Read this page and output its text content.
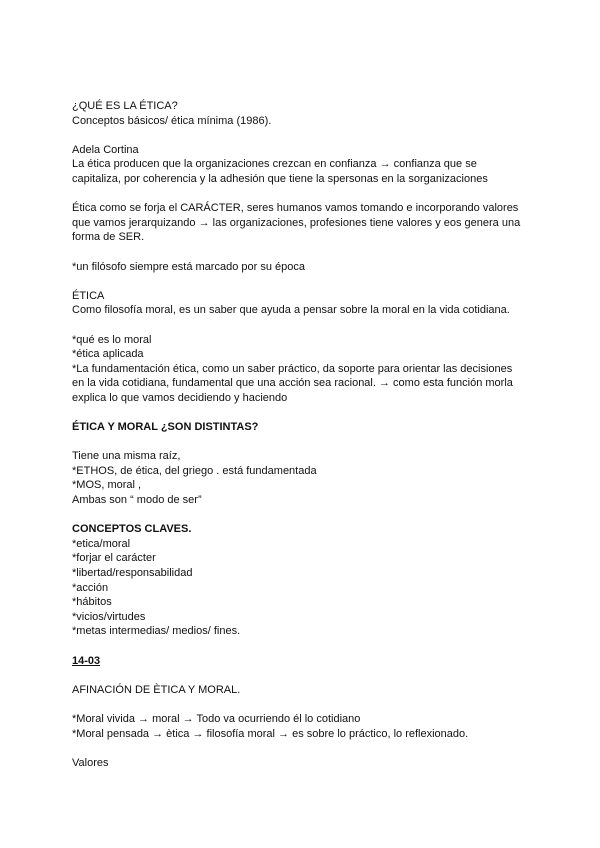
¿QUÉ ES LA ÉTICA?

Conceptos básicos/ ética mínima (1986).

Adela Cortina

La ética producen que la organizaciones crezcan en confianza → confianza que se

capitaliza, por coherencia y la adhesión que tiene la spersonas en la sorganizaciones

Ética como se forja el CARÁCTER, seres humanos vamos tomando e incorporando valores

que vamos jerarquizando → las organizaciones, profesiones tiene valores y eos genera una

forma de SER.

*un filósofo siempre está marcado por su época

ÉTICA

Como filosofía moral, es un saber que ayuda a pensar sobre la moral en la vida cotidiana.

*qué es lo moral

*ética aplicada

*La fundamentación ética, como un saber práctico, da soporte para orientar las decisiones

en la vida cotidiana, fundamental que una acción sea racional. → como esta función morla

explica lo que vamos decidiendo y haciendo

ÉTICA Y MORAL ¿SON DISTINTAS?

Tiene una misma raíz,

*ETHOS, de ética, del griego . está fundamentada

*MOS, moral ,

Ambas son “ modo de ser”

CONCEPTOS CLAVES.

*etica/moral

*forjar el carácter

*libertad/responsabilidad

*acción

*hábitos

*vicios/virtudes

*metas intermedias/ medios/ fines.

14-03

AFINACIÓN DE ÈTICA Y MORAL.

*Moral vivida → moral → Todo va ocurriendo él lo cotidiano

*Moral pensada → ètica → filosofía moral → es sobre lo práctico, lo reflexionado.

Valores
